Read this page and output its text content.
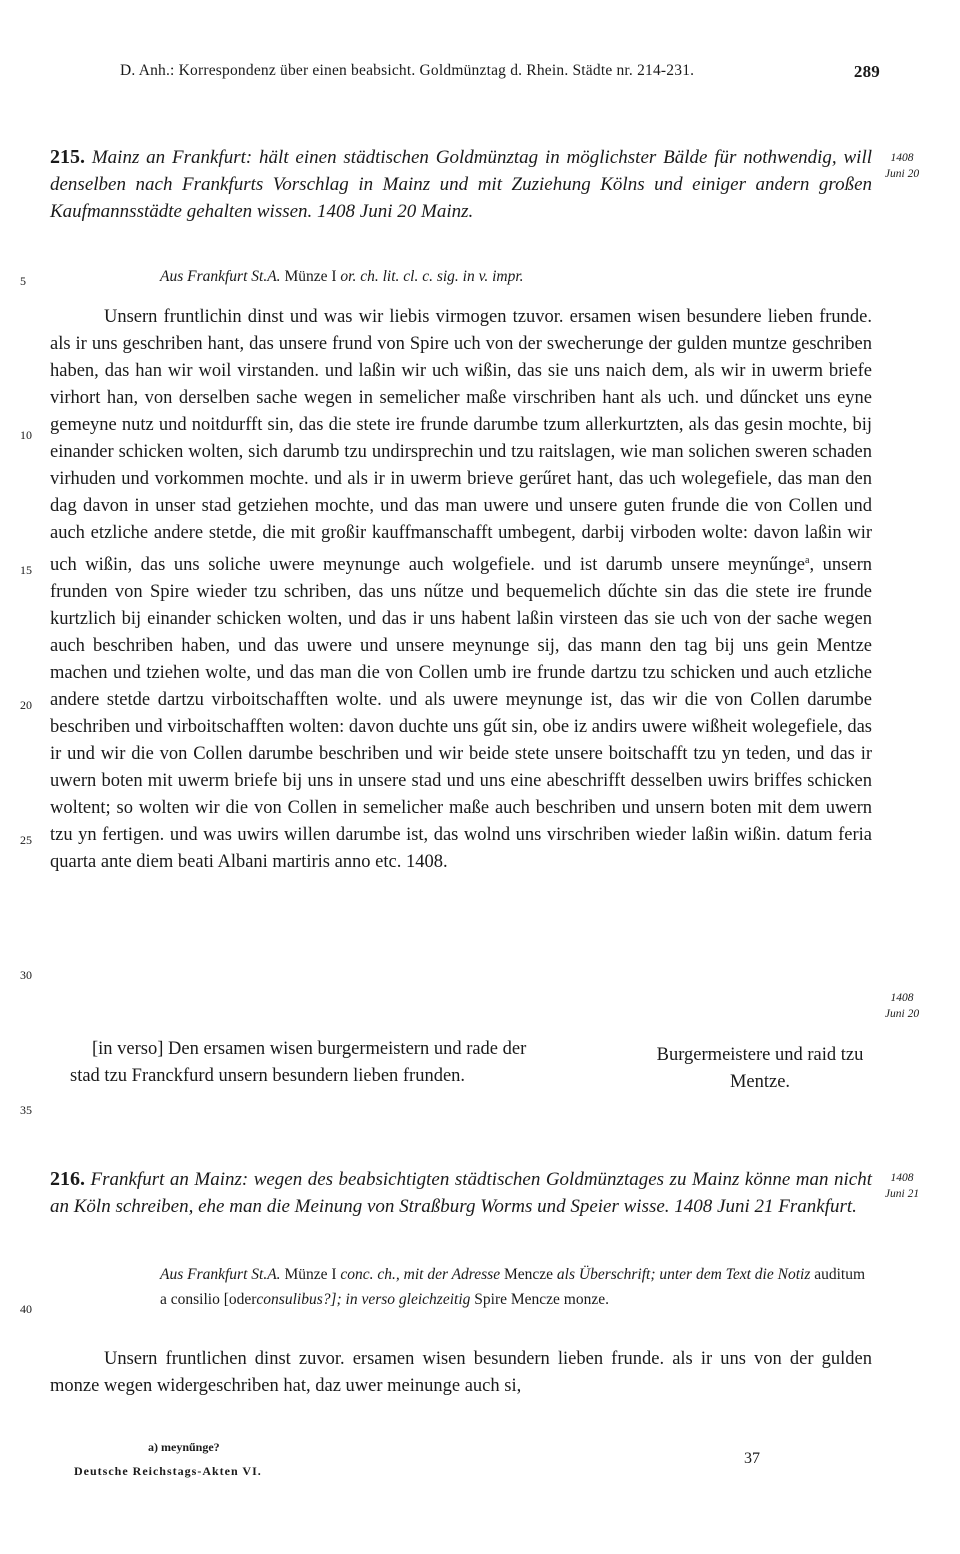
D. Anh.: Korrespondenz über einen beabsicht. Goldmünztag d. Rhein. Städte nr. 214-231.	289
215. Mainz an Frankfurt: hält einen städtischen Goldmünztag in möglichster Bälde für nothwendig, will denselben nach Frankfurts Vorschlag in Mainz und mit Zuziehung Kölns und einiger andern großen Kaufmannsstädte gehalten wissen. 1408 Juni 20 Mainz.
1408
Juni 20
Aus Frankfurt St.A. Münze I or. ch. lit. cl. c. sig. in v. impr.

Unsern fruntlichin dinst und was wir liebis virmogen tzuvor. ersamen wisen besundere lieben frunde. als ir uns geschriben hant, das unsere frund von Spire uch von der swecherunge der gulden muntze geschriben haben, das han wir woil virstanden. und laßin wir uch wißin, das sie uns naich dem, als wir in uwerm briefe virhort han, von derselben sache wegen in semelicher maße virschriben hant als uch. und dűncket uns eyne gemeyne nutz und noitdurfft sin, das die stete ire frunde darumbe tzum allerkurtzten, als das gesin mochte, bij einander schicken wolten, sich darumb tzu undirsprechin und tzu raitslagen, wie man solichen sweren schaden virhuden und vorkommen mochte. und als ir in uwerm brieve gerűret hant, das uch wolegefiele, das man den dag davon in unser stad getziehen mochte, und das man uwere und unsere guten frunde die von Collen und auch etzliche andere stetde, die mit großir kauffmanschafft umbegent, darbij virboden wolte: davon laßin wir uch wißin, das uns soliche uwere meynunge auch wolgefiele. und ist darumb unsere meynűnge$^a$, unsern frunden von Spire wieder tzu schriben, das uns nűtze und bequemelich dűchte sin das die stete ire frunde kurtzlich bij einander schicken wolten, und das ir uns habent laßin virsteen das sie uch von der sache wegen auch beschriben haben, und das uwere und unsere meynunge sij, das mann den tag bij uns gein Mentze machen und tziehen wolte, und das man die von Collen umb ire frunde dartzu tzu schicken und auch etzliche andere stetde dartzu virboitschafften wolte. und als uwere meynunge ist, das wir die von Collen darumbe beschriben und virboitschafften wolten: davon duchte uns gűt sin, obe iz andirs uwere wißheit wolegefiele, das ir und wir die von Collen darumbe beschriben und wir beide stete unsere boitschafft tzu yn teden, und das ir uwern boten mit uwerm briefe bij uns in unsere stad und uns eine abeschrifft desselben uwirs briffes schicken woltent; so wolten wir die von Collen in semelicher maße auch beschriben und unsern boten mit dem uwern tzu yn fertigen. und was uwirs willen darumbe ist, das wolnd uns virschriben wieder laßin wißin. datum feria quarta ante diem beati Albani martiris anno etc. 1408.

1408
Juni 20
[in verso] Den ersamen wisen burgermeistern und rade der stad tzu Franckfurd unsern besundern lieben frunden.
Burgermeistere und raid tzu Mentze.
216. Frankfurt an Mainz: wegen des beabsichtigten städtischen Goldmünztages zu Mainz könne man nicht an Köln schreiben, ehe man die Meinung von Straßburg Worms und Speier wisse. 1408 Juni 21 Frankfurt.
1408
Juni 21
Aus Frankfurt St.A. Münze I conc. ch., mit der Adresse Mencze als Überschrift; unter dem Text die Notiz auditum a consilio [oderconsulibus?]; in verso gleichzeitig Spire Mencze monze.

Unsern fruntlichen dinst zuvor. ersamen wisen besundern lieben frunde. als ir uns von der gulden monze wegen widergeschriben hat, daz uwer meinunge auch si,

5
10
15
20
25
30
35
40
a) meynűnge?
Deutsche Reichstags-Akten VI.
37
